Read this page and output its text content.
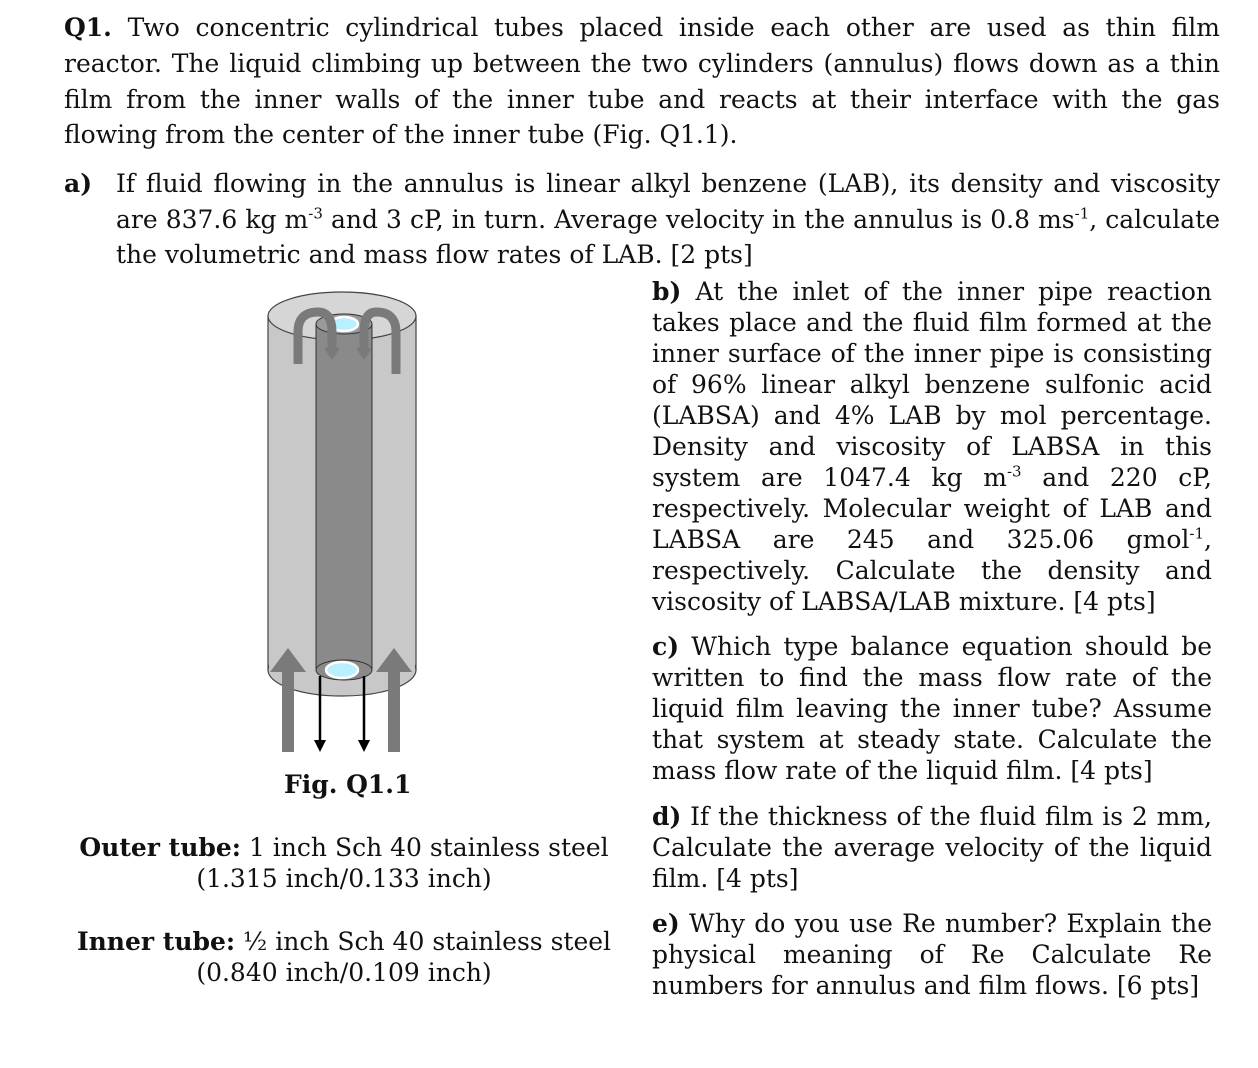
Q1. Two concentric cylindrical tubes placed inside each other are used as thin film reactor. The liquid climbing up between the two cylinders (annulus) flows down as a thin film from the inner walls of the inner tube and reacts at their interface with the gas flowing from the center of the inner tube (Fig. Q1.1).
a) If fluid flowing in the annulus is linear alkyl benzene (LAB), its density and viscosity are 837.6 kg $m^{-3}$ and 3 cP, in turn. Average velocity in the annulus is 0.8 $ms^{-1}$, calculate the volumetric and mass flow rates of LAB. [2 pts]
Fig. Q1.1
Outer tube: 1 inch Sch 40 stainless steel
(1.315 inch/0.133 inch)
Inner tube: ½ inch Sch 40 stainless steel
(0.840 inch/0.109 inch)
b) At the inlet of the inner pipe reaction takes place and the fluid film formed at the inner surface of the inner pipe is consisting of 96% linear alkyl benzene sulfonic acid (LABSA) and 4% LAB by mol percentage. Density and viscosity of LABSA in this system are 1047.4 kg $m^{-3}$ and 220 cP, respectively. Molecular weight of LAB and LABSA are 245 and 325.06 gmol$^{-1}$, respectively. Calculate the density and viscosity of LABSA/LAB mixture. [4 pts]
c) Which type balance equation should be written to find the mass flow rate of the liquid film leaving the inner tube? Assume that system at steady state. Calculate the mass flow rate of the liquid film. [4 pts]
d) If the thickness of the fluid film is 2 mm, Calculate the average velocity of the liquid film. [4 pts]
e) Why do you use Re number? Explain the physical meaning of Re Calculate Re numbers for annulus and film flows. [6 pts]
